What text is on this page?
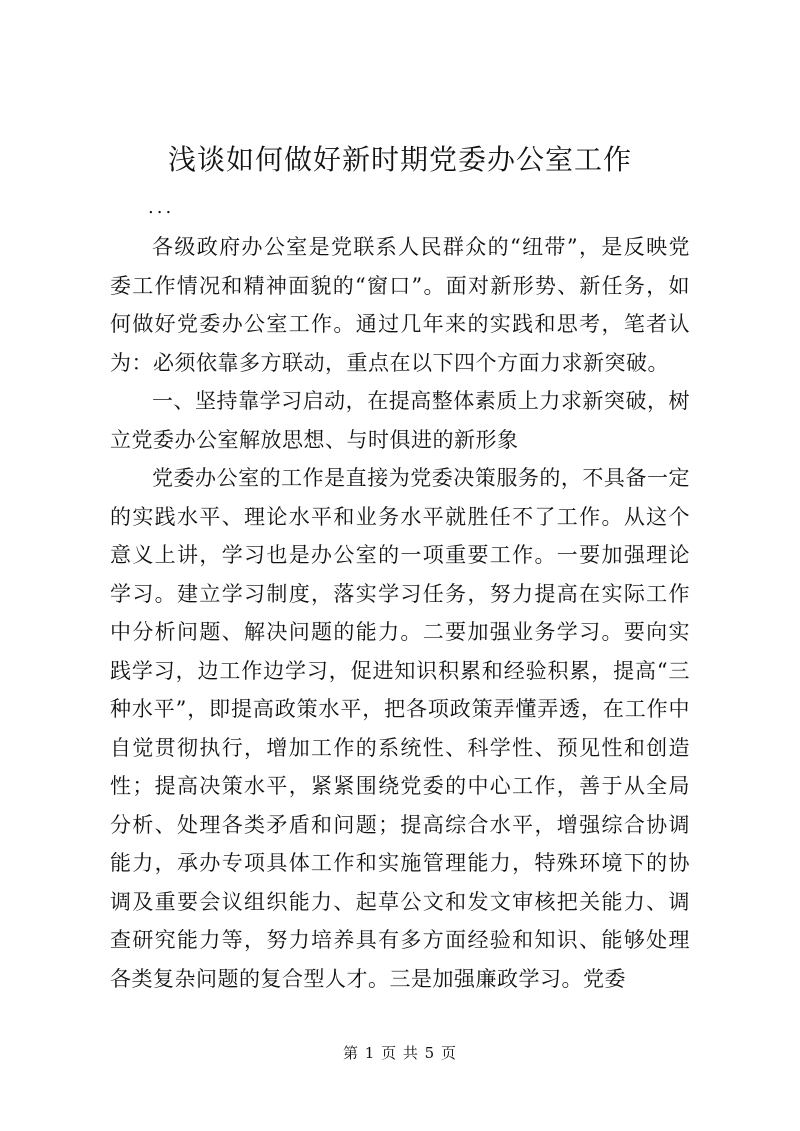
浅谈如何做好新时期党委办公室工作
...

各级政府办公室是党联系人民群众的“纽带”，是反映党委工作情况和精神面貌的“窗口”。面对新形势、新任务，如何做好党委办公室工作。通过几年来的实践和思考，笔者认为：必须依靠多方联动，重点在以下四个方面力求新突破。

一、坚持靠学习启动，在提高整体素质上力求新突破，树立党委办公室解放思想、与时俱进的新形象

党委办公室的工作是直接为党委决策服务的，不具备一定的实践水平、理论水平和业务水平就胜任不了工作。从这个意义上讲，学习也是办公室的一项重要工作。一要加强理论学习。建立学习制度，落实学习任务，努力提高在实际工作中分析问题、解决问题的能力。二要加强业务学习。要向实践学习，边工作边学习，促进知识积累和经验积累，提高“三种水平”，即提高政策水平，把各项政策弄懂弄透，在工作中自觉贯彻执行，增加工作的系统性、科学性、预见性和创造性；提高决策水平，紧紧围绕党委的中心工作，善于从全局分析、处理各类矛盾和问题；提高综合水平，增强综合协调能力，承办专项具体工作和实施管理能力，特殊环境下的协调及重要会议组织能力、起草公文和发文审核把关能力、调查研究能力等，努力培养具有多方面经验和知识、能够处理各类复杂问题的复合型人才。三是加强廉政学习。党委

第 1 页 共 5 页
